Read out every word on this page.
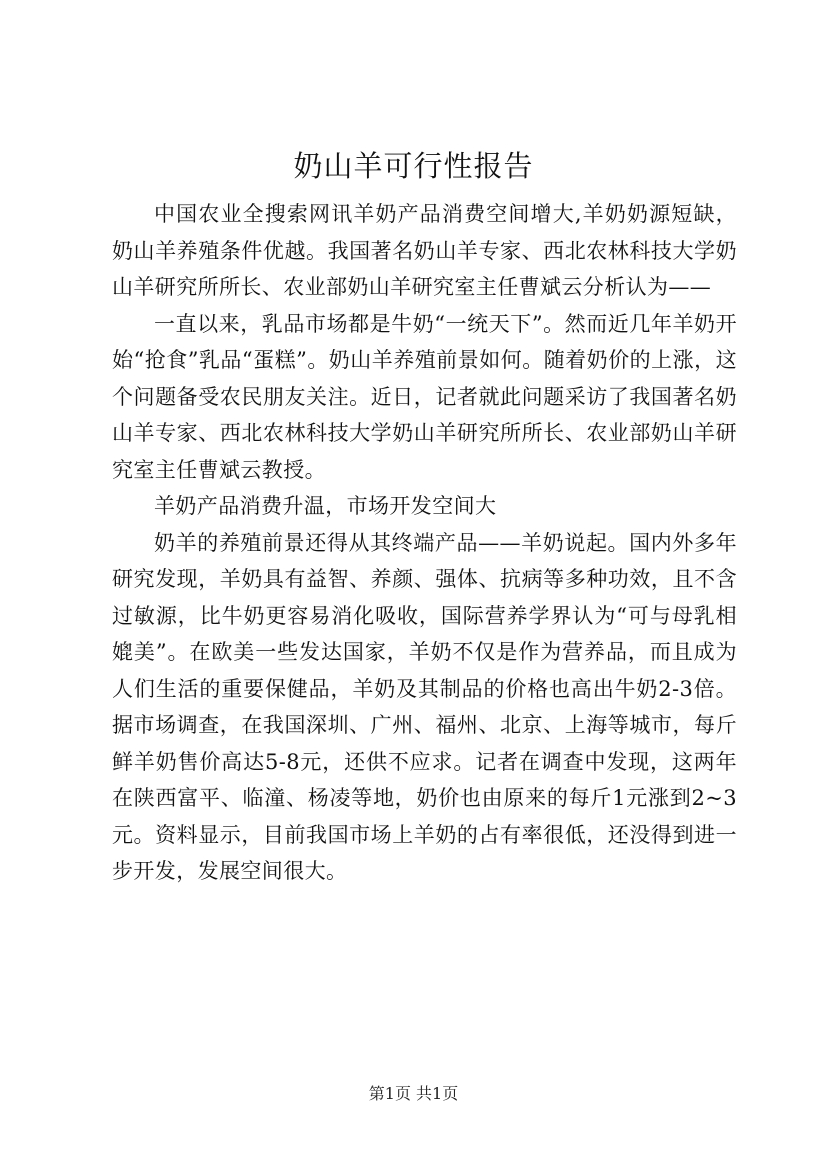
奶山羊可行性报告

中国农业全搜索网讯羊奶产品消费空间增大,羊奶奶源短缺，奶山羊养殖条件优越。我国著名奶山羊专家、西北农林科技大学奶山羊研究所所长、农业部奶山羊研究室主任曹斌云分析认为——

一直以来，乳品市场都是牛奶“一统天下”。然而近几年羊奶开始“抢食”乳品“蛋糕”。奶山羊养殖前景如何。随着奶价的上涨，这个问题备受农民朋友关注。近日，记者就此问题采访了我国著名奶山羊专家、西北农林科技大学奶山羊研究所所长、农业部奶山羊研究室主任曹斌云教授。

羊奶产品消费升温，市场开发空间大

奶羊的养殖前景还得从其终端产品——羊奶说起。国内外多年研究发现，羊奶具有益智、养颜、强体、抗病等多种功效，且不含过敏源，比牛奶更容易消化吸收，国际营养学界认为“可与母乳相媲美”。在欧美一些发达国家，羊奶不仅是作为营养品，而且成为人们生活的重要保健品，羊奶及其制品的价格也高出牛奶2-3倍。据市场调查，在我国深圳、广州、福州、北京、上海等城市，每斤鲜羊奶售价高达5-8元，还供不应求。记者在调查中发现，这两年在陕西富平、临潼、杨凌等地，奶价也由原来的每斤1元涨到2~3元。资料显示，目前我国市场上羊奶的占有率很低，还没得到进一步开发，发展空间很大。

第1页 共1页
